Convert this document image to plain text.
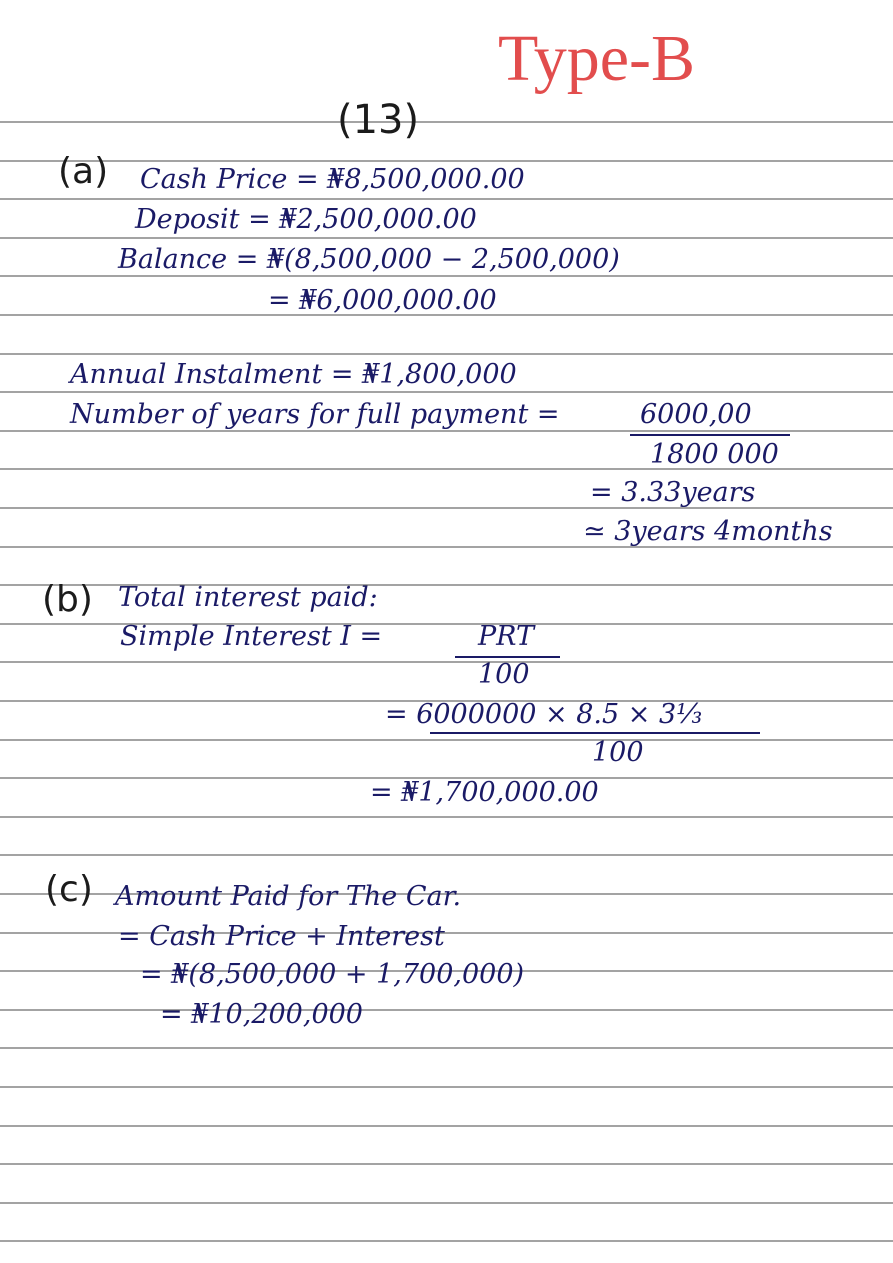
Type-B
(13)
(a) Cash Price = ₦8,500,000.00
Deposit = ₦2,500,000.00
Balance = ₦(8,500,000 − 2,500,000)
= ₦6,000,000.00
Annual Instalment = ₦1,800,000
Number of years for full payment =	6000,00
1800 000
= 3.33years
≃ 3years 4months
(b) Total interest paid:
Simple Interest I =	PRT
100
= 6000000 × 8.5 × 3⅓
100
= ₦1,700,000.00
(c) Amount Paid for The Car.
= Cash Price + Interest
= ₦(8,500,000 + 1,700,000)
= ₦10,200,000
